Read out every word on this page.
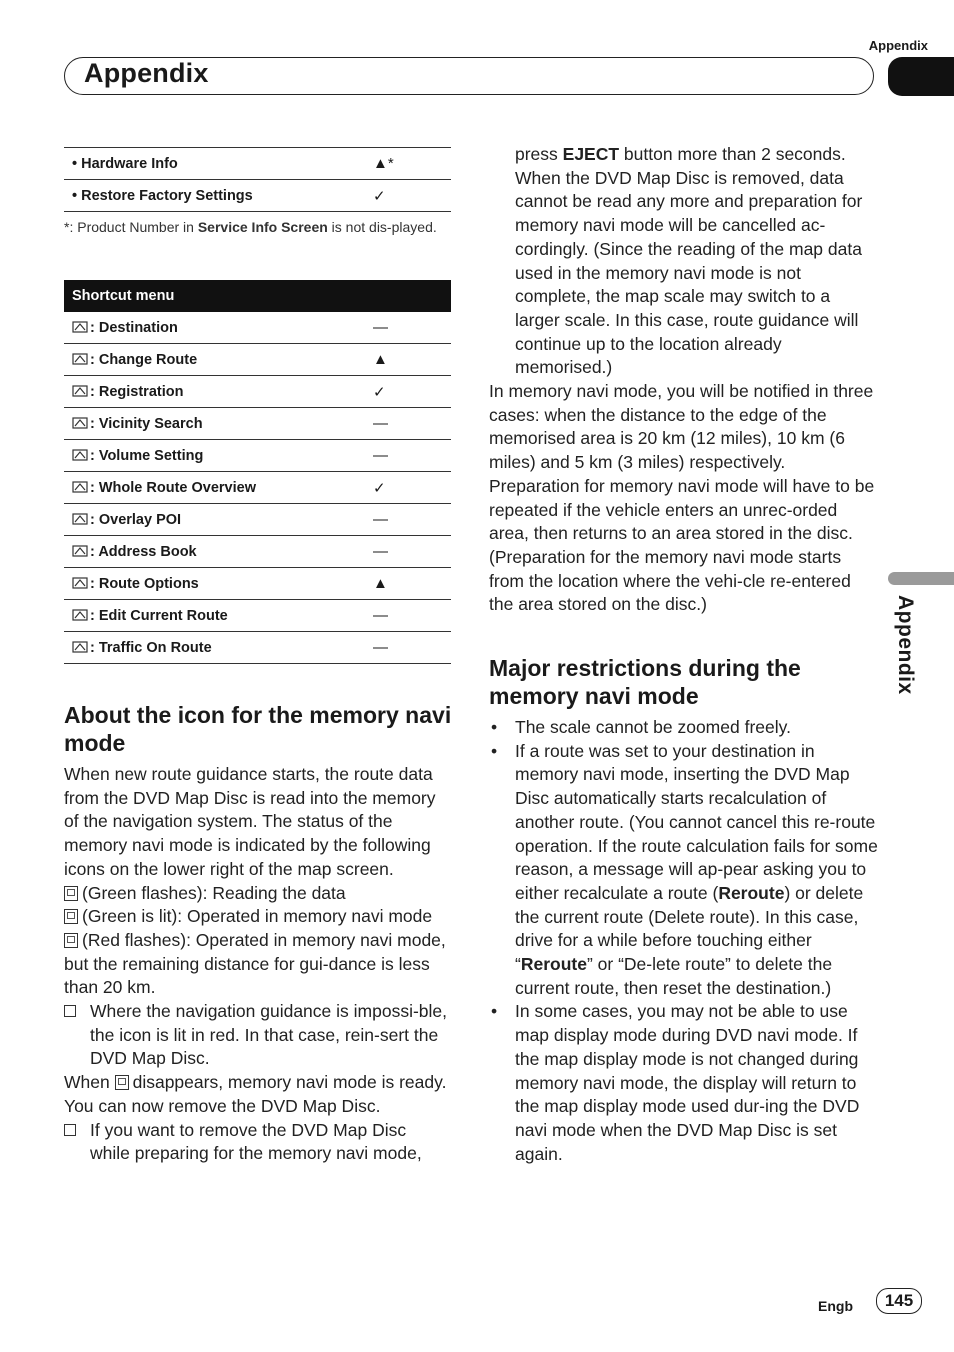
Appendix
Appendix
Appendix
• Hardware Info	▲*
• Restore Factory Settings	✓
*: Product Number in Service Info Screen is not dis-played.
Shortcut menu	
: Destination	—
: Change Route	▲
: Registration	✓
: Vicinity Search	—
: Volume Setting	—
: Whole Route Overview	✓
: Overlay POI	—
: Address Book	—
: Route Options	▲
: Edit Current Route	—
: Traffic On Route	—
About the icon for the memory navi mode

When new route guidance starts, the route data from the DVD Map Disc is read into the memory of the navigation system. The status of the memory navi mode is indicated by the following icons on the lower right of the map screen.

(Green flashes): Reading the data

(Green is lit): Operated in memory navi mode

(Red flashes): Operated in memory navi mode, but the remaining distance for gui-dance is less than 20 km.

Where the navigation guidance is impossi-ble, the icon is lit in red. In that case, rein-sert the DVD Map Disc.

When disappears, memory navi mode is ready. You can now remove the DVD Map Disc.

If you want to remove the DVD Map Disc while preparing for the memory navi mode,

press EJECT button more than 2 seconds. When the DVD Map Disc is removed, data cannot be read any more and preparation for memory navi mode will be cancelled ac-cordingly. (Since the reading of the map data used in the memory navi mode is not complete, the map scale may switch to a larger scale. In this case, route guidance will continue up to the location already memorised.)

In memory navi mode, you will be notified in three cases: when the distance to the edge of the memorised area is 20 km (12 miles), 10 km (6 miles) and 5 km (3 miles) respectively.

Preparation for memory navi mode will have to be repeated if the vehicle enters an unrec-orded area, then returns to an area stored in the disc. (Preparation for the memory navi mode starts from the location where the vehi-cle re-entered the area stored on the disc.)

Major restrictions during the memory navi mode

• The scale cannot be zoomed freely.

• If a route was set to your destination in memory navi mode, inserting the DVD Map Disc automatically starts recalculation of another route. (You cannot cancel this re-route operation. If the route calculation fails for some reason, a message will ap-pear asking you to either recalculate a route (Reroute) or delete the current route (Delete route). In this case, drive for a while before touching either “Reroute” or “De-lete route” to delete the current route, then reset the destination.)

• In some cases, you may not be able to use map display mode during DVD navi mode. If the map display mode is not changed during memory navi mode, the display will return to the map display mode used dur-ing the DVD navi mode when the DVD Map Disc is set again.

Engb	145
